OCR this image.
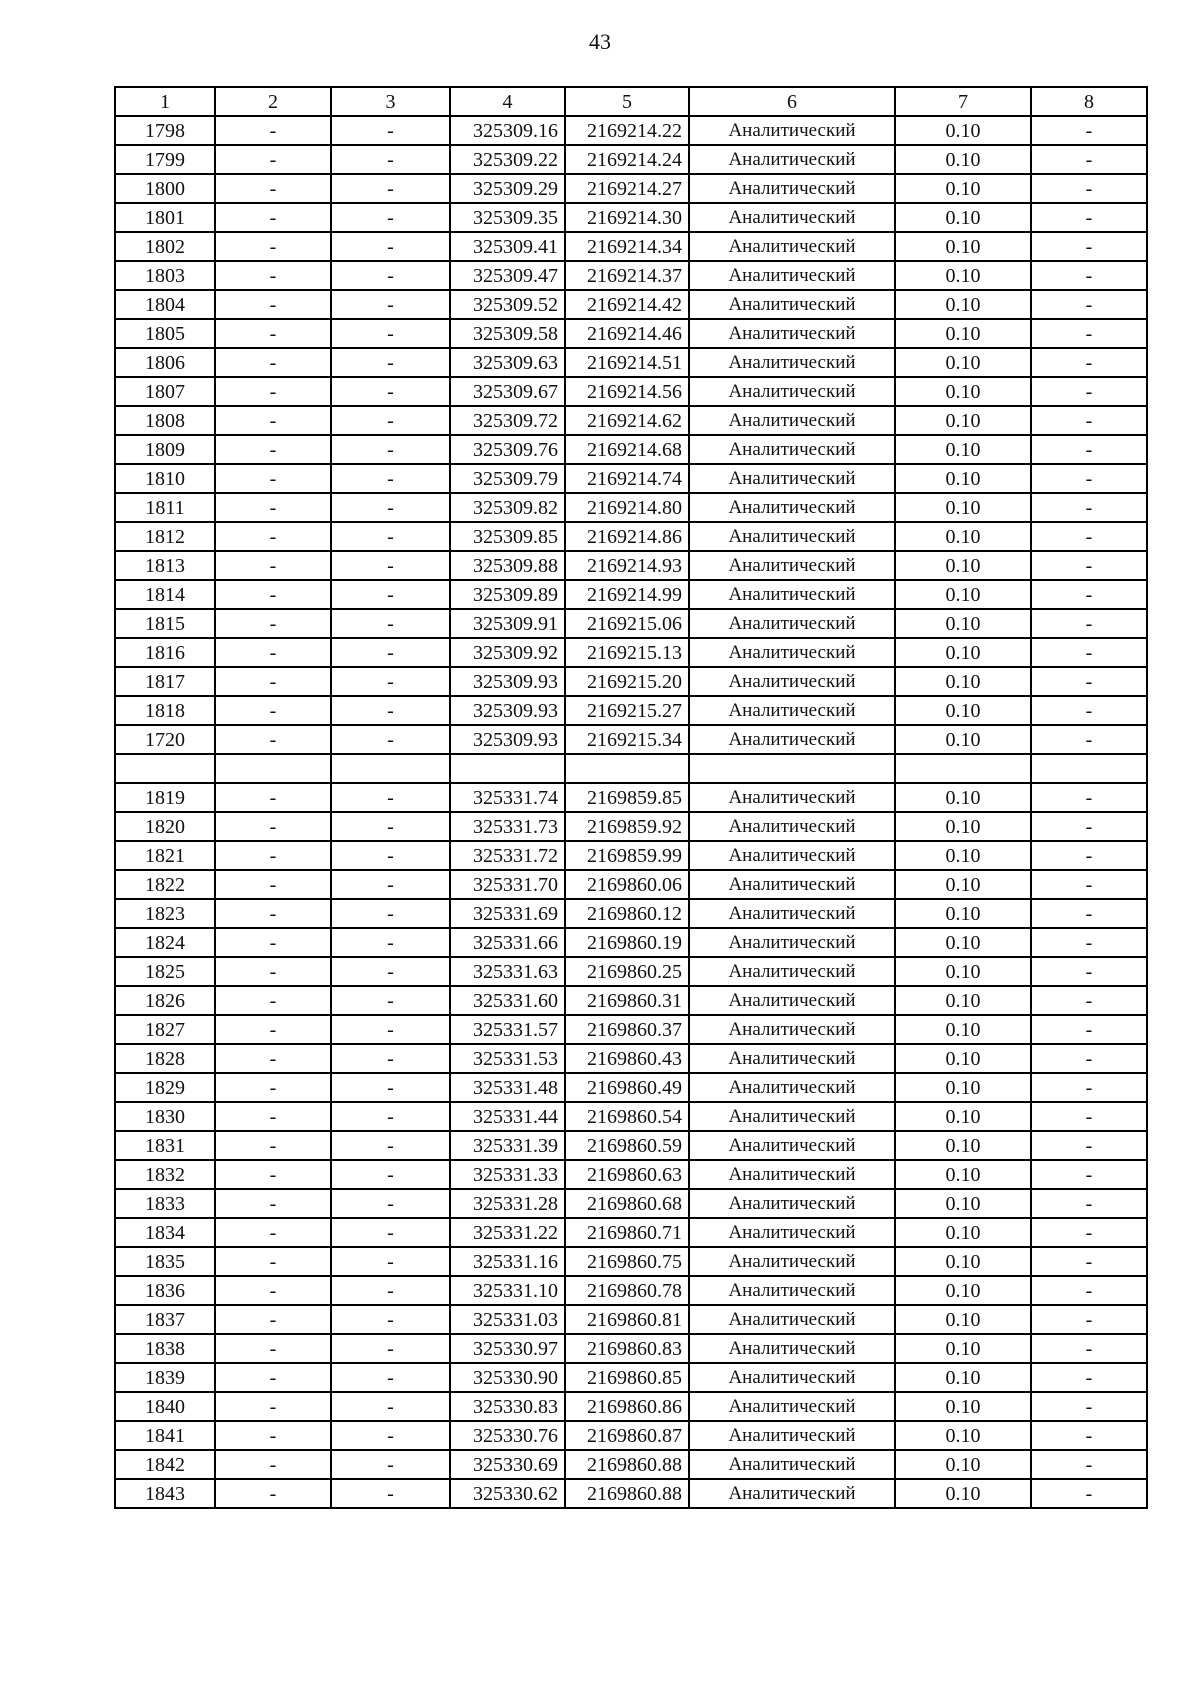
43
1	2	3	4	5	6	7	8
1798	-	-	325309.16	2169214.22	Аналитический	0.10	-
1799	-	-	325309.22	2169214.24	Аналитический	0.10	-
1800	-	-	325309.29	2169214.27	Аналитический	0.10	-
1801	-	-	325309.35	2169214.30	Аналитический	0.10	-
1802	-	-	325309.41	2169214.34	Аналитический	0.10	-
1803	-	-	325309.47	2169214.37	Аналитический	0.10	-
1804	-	-	325309.52	2169214.42	Аналитический	0.10	-
1805	-	-	325309.58	2169214.46	Аналитический	0.10	-
1806	-	-	325309.63	2169214.51	Аналитический	0.10	-
1807	-	-	325309.67	2169214.56	Аналитический	0.10	-
1808	-	-	325309.72	2169214.62	Аналитический	0.10	-
1809	-	-	325309.76	2169214.68	Аналитический	0.10	-
1810	-	-	325309.79	2169214.74	Аналитический	0.10	-
1811	-	-	325309.82	2169214.80	Аналитический	0.10	-
1812	-	-	325309.85	2169214.86	Аналитический	0.10	-
1813	-	-	325309.88	2169214.93	Аналитический	0.10	-
1814	-	-	325309.89	2169214.99	Аналитический	0.10	-
1815	-	-	325309.91	2169215.06	Аналитический	0.10	-
1816	-	-	325309.92	2169215.13	Аналитический	0.10	-
1817	-	-	325309.93	2169215.20	Аналитический	0.10	-
1818	-	-	325309.93	2169215.27	Аналитический	0.10	-
1720	-	-	325309.93	2169215.34	Аналитический	0.10	-

1819	-	-	325331.74	2169859.85	Аналитический	0.10	-
1820	-	-	325331.73	2169859.92	Аналитический	0.10	-
1821	-	-	325331.72	2169859.99	Аналитический	0.10	-
1822	-	-	325331.70	2169860.06	Аналитический	0.10	-
1823	-	-	325331.69	2169860.12	Аналитический	0.10	-
1824	-	-	325331.66	2169860.19	Аналитический	0.10	-
1825	-	-	325331.63	2169860.25	Аналитический	0.10	-
1826	-	-	325331.60	2169860.31	Аналитический	0.10	-
1827	-	-	325331.57	2169860.37	Аналитический	0.10	-
1828	-	-	325331.53	2169860.43	Аналитический	0.10	-
1829	-	-	325331.48	2169860.49	Аналитический	0.10	-
1830	-	-	325331.44	2169860.54	Аналитический	0.10	-
1831	-	-	325331.39	2169860.59	Аналитический	0.10	-
1832	-	-	325331.33	2169860.63	Аналитический	0.10	-
1833	-	-	325331.28	2169860.68	Аналитический	0.10	-
1834	-	-	325331.22	2169860.71	Аналитический	0.10	-
1835	-	-	325331.16	2169860.75	Аналитический	0.10	-
1836	-	-	325331.10	2169860.78	Аналитический	0.10	-
1837	-	-	325331.03	2169860.81	Аналитический	0.10	-
1838	-	-	325330.97	2169860.83	Аналитический	0.10	-
1839	-	-	325330.90	2169860.85	Аналитический	0.10	-
1840	-	-	325330.83	2169860.86	Аналитический	0.10	-
1841	-	-	325330.76	2169860.87	Аналитический	0.10	-
1842	-	-	325330.69	2169860.88	Аналитический	0.10	-
1843	-	-	325330.62	2169860.88	Аналитический	0.10	-
